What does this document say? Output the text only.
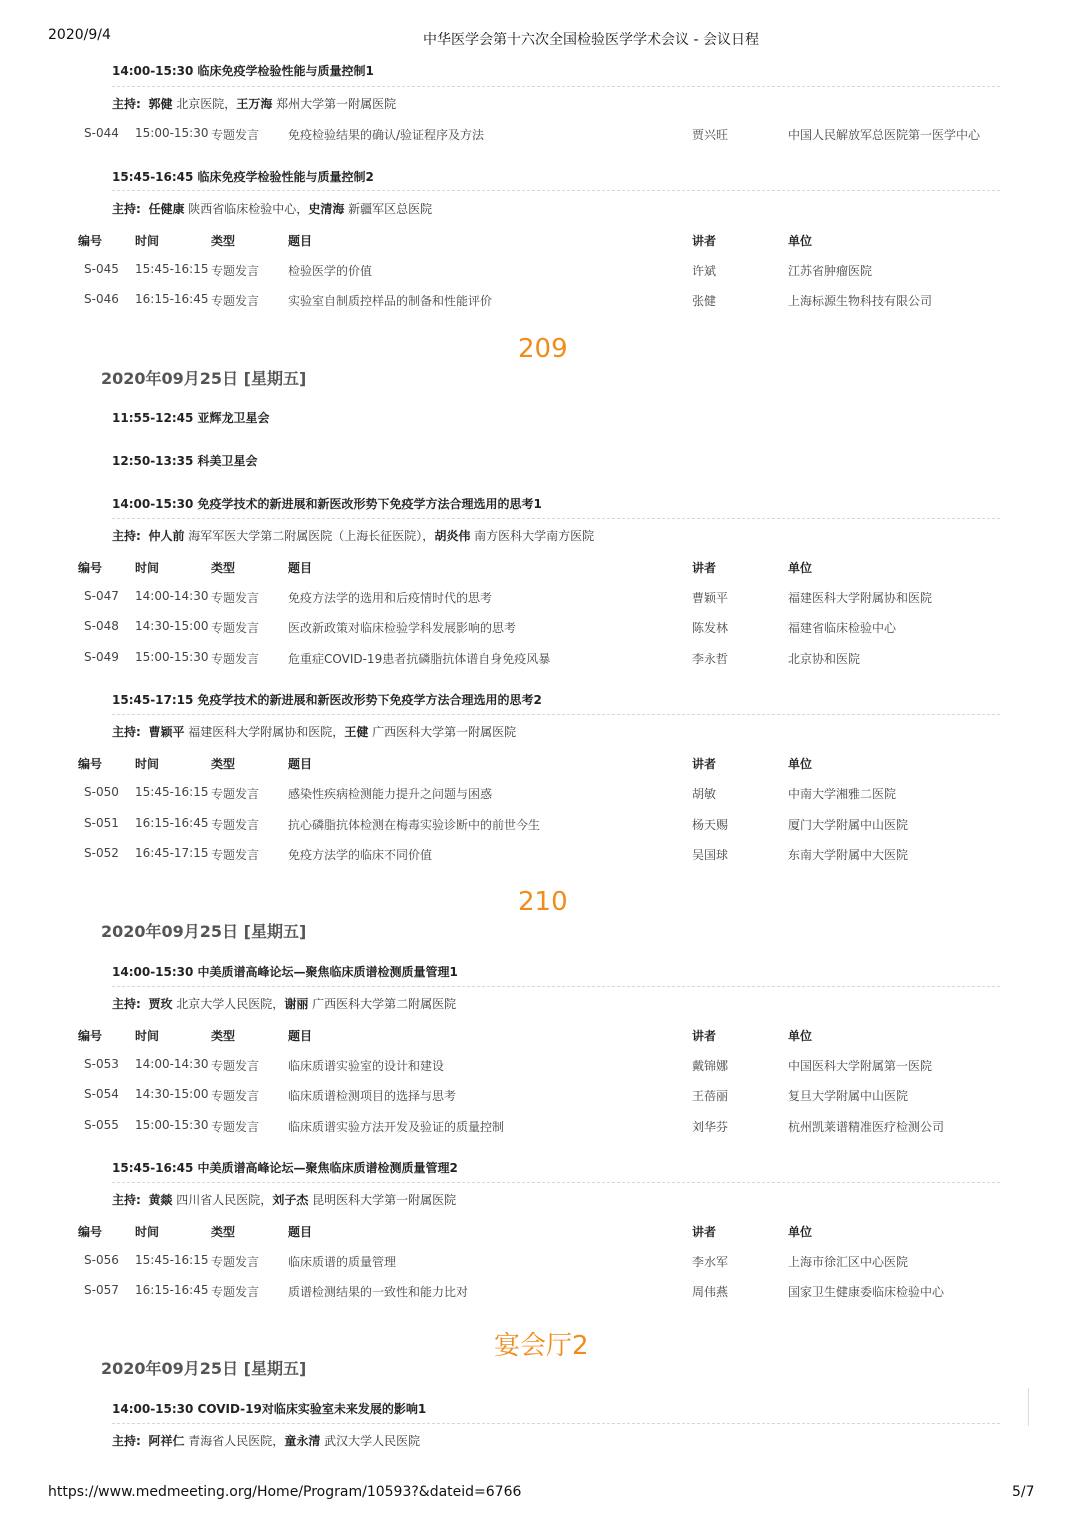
2020/9/4	中华医学会第十六次全国检验医学学术会议 - 会议日程
14:00-15:30 临床免疫学检验性能与质量控制1
主持: 郭健 北京医院，王万海 郑州大学第一附属医院
S-044 15:00-15:30 专题发言 免疫检验结果的确认/验证程序及方法	贾兴旺	中国人民解放军总医院第一医学中心
15:45-16:45 临床免疫学检验性能与质量控制2
主持: 任健康 陕西省临床检验中心，史清海 新疆军区总医院
编号	时间	类型	题目	讲者	单位
S-045 15:45-16:15 专题发言 检验医学的价值	许斌	江苏省肿瘤医院
S-046 16:15-16:45 专题发言 实验室自制质控样品的制备和性能评价	张健	上海标源生物科技有限公司
209
2020年09月25日 [星期五]
11:55-12:45 亚辉龙卫星会
12:50-13:35 科美卫星会
14:00-15:30 免疫学技术的新进展和新医改形势下免疫学方法合理选用的思考1
主持: 仲人前 海军军医大学第二附属医院（上海长征医院），胡炎伟 南方医科大学南方医院
编号	时间	类型	题目	讲者	单位
S-047 14:00-14:30 专题发言 免疫方法学的选用和后疫情时代的思考	曹颖平	福建医科大学附属协和医院
S-048 14:30-15:00 专题发言 医改新政策对临床检验学科发展影响的思考	陈发林	福建省临床检验中心
S-049 15:00-15:30 专题发言 危重症COVID-19患者抗磷脂抗体谱自身免疫风暴	李永哲	北京协和医院
15:45-17:15 免疫学技术的新进展和新医改形势下免疫学方法合理选用的思考2
主持: 曹颖平 福建医科大学附属协和医院，王健 广西医科大学第一附属医院
编号	时间	类型	题目	讲者	单位
S-050 15:45-16:15 专题发言 感染性疾病检测能力提升之问题与困惑	胡敏	中南大学湘雅二医院
S-051 16:15-16:45 专题发言 抗心磷脂抗体检测在梅毒实验诊断中的前世今生	杨天赐	厦门大学附属中山医院
S-052 16:45-17:15 专题发言 免疫方法学的临床不同价值	吴国球	东南大学附属中大医院
210
2020年09月25日 [星期五]
14:00-15:30 中美质谱高峰论坛—聚焦临床质谱检测质量管理1
主持: 贾玫 北京大学人民医院，谢丽 广西医科大学第二附属医院
编号	时间	类型	题目	讲者	单位
S-053 14:00-14:30 专题发言 临床质谱实验室的设计和建设	戴锦娜	中国医科大学附属第一医院
S-054 14:30-15:00 专题发言 临床质谱检测项目的选择与思考	王蓓丽	复旦大学附属中山医院
S-055 15:00-15:30 专题发言 临床质谱实验方法开发及验证的质量控制	刘华芬	杭州凯莱谱精准医疗检测公司
15:45-16:45 中美质谱高峰论坛—聚焦临床质谱检测质量管理2
主持: 黄燚 四川省人民医院，刘子杰 昆明医科大学第一附属医院
编号	时间	类型	题目	讲者	单位
S-056 15:45-16:15 专题发言 临床质谱的质量管理	李水军	上海市徐汇区中心医院
S-057 16:15-16:45 专题发言 质谱检测结果的一致性和能力比对	周伟燕	国家卫生健康委临床检验中心
宴会厅2
2020年09月25日 [星期五]
14:00-15:30 COVID-19对临床实验室未来发展的影响1
主持: 阿祥仁 青海省人民医院，童永清 武汉大学人民医院
https://www.medmeeting.org/Home/Program/10593?&dateid=6766	5/7
